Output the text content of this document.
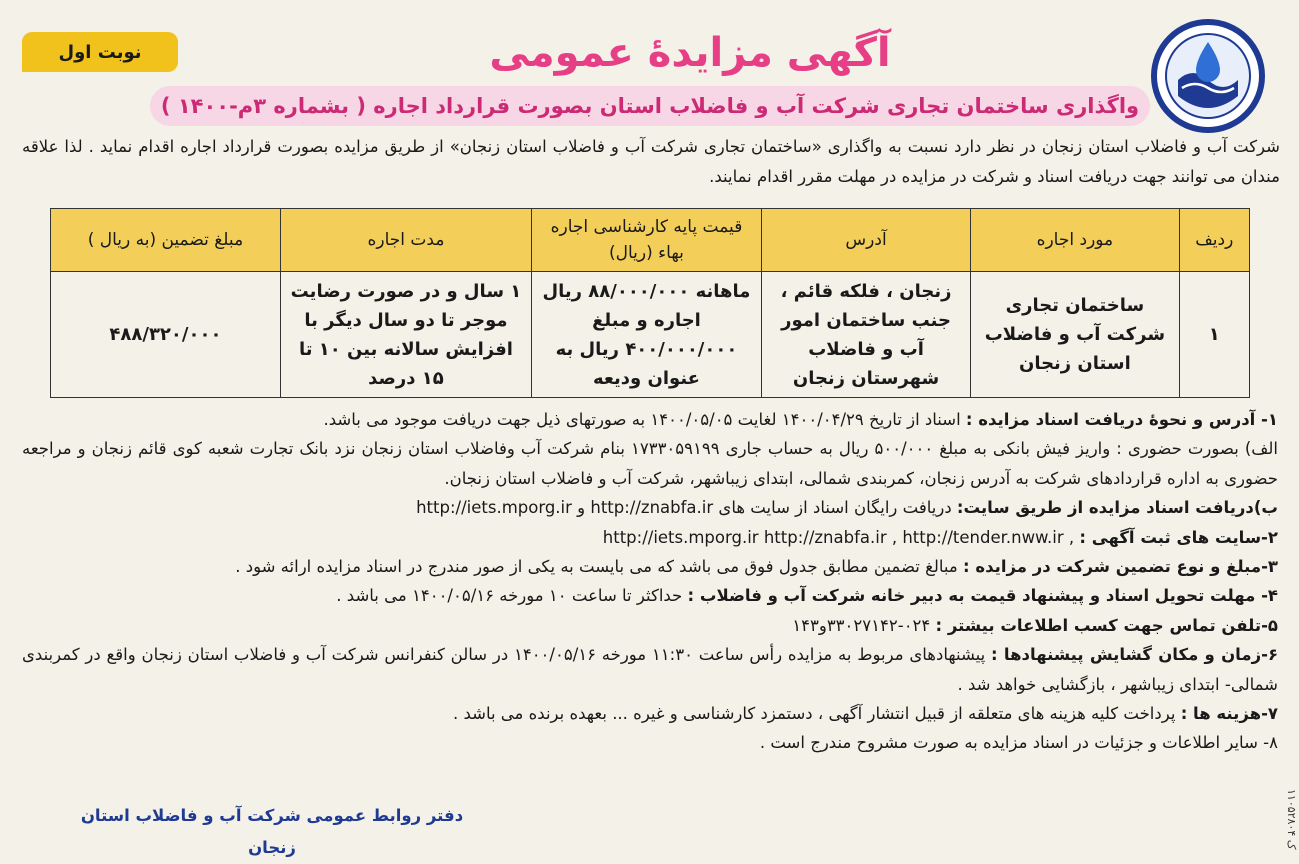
نوبت اول	آگهی مزایدۀ عمومی
واگذاری ساختمان تجاری شرکت آب و فاضلاب استان بصورت قرارداد اجاره ( بشماره ۳م-۱۴۰۰ )
شرکت آب و فاضلاب استان زنجان در نظر دارد نسبت به واگذاری «ساختمان تجاری شرکت آب و فاضلاب استان زنجان» از طریق مزایده بصورت قرارداد اجاره اقدام نماید . لذا علاقه مندان می توانند جهت دریافت اسناد و شرکت در مزایده در مهلت مقرر اقدام نمایند.
ردیف	مورد اجاره	آدرس	قیمت پایه کارشناسی اجاره بهاء (ریال)	مدت اجاره	مبلغ تضمین (به ریال )
۱	ساختمان تجاری شرکت آب و فاضلاب استان زنجان	زنجان ، فلکه قائم ، جنب ساختمان امور آب و فاضلاب شهرستان زنجان	ماهانه ۸۸/۰۰۰/۰۰۰ ریال اجاره و مبلغ ۴۰۰/۰۰۰/۰۰۰ ریال به عنوان ودیعه	۱ سال و در صورت رضایت موجر تا دو سال دیگر با افزایش سالانه بین ۱۰ تا ۱۵ درصد	۴۸۸/۳۲۰/۰۰۰

۱- آدرس و نحوۀ دریافت اسناد مزایده : اسناد از تاریخ ۱۴۰۰/۰۴/۲۹ لغایت ۱۴۰۰/۰۵/۰۵ به صورتهای ذیل جهت دریافت موجود می باشد.

الف) بصورت حضوری : واریز فیش بانکی به مبلغ ۵۰۰/۰۰۰ ریال به حساب جاری ۱۷۳۳۰۵۹۱۹۹ بنام شرکت آب وفاضلاب استان زنجان نزد بانک تجارت شعبه کوی قائم زنجان و مراجعه حضوری به اداره قراردادهای شرکت به آدرس زنجان، کمربندی شمالی، ابتدای زیباشهر، شرکت آب و فاضلاب استان زنجان.

ب)دریافت اسناد مزایده از طریق سایت: دریافت رایگان اسناد از سایت های http://iets.mporg.ir و http://znabfa.ir

۲-سایت های ثبت آگهی : http://iets.mporg.ir http://znabfa.ir , http://tender.nww.ir ,

۳-مبلغ و نوع تضمین شرکت در مزایده : مبالغ تضمین مطابق جدول فوق می باشد که می بایست به یکی از صور مندرج در اسناد مزایده ارائه شود .

۴- مهلت تحویل اسناد و پیشنهاد قیمت به دبیر خانه شرکت آب و فاضلاب : حداکثر تا ساعت ۱۰ مورخه ۱۴۰۰/۰۵/۱۶ می باشد .

۵-تلفن تماس جهت کسب اطلاعات بیشتر : ۰۲۴-۳۳۰۲۷۱۴۲و۱۴۳

۶-زمان و مکان گشایش پیشنهادها : پیشنهادهای مربوط به مزایده رأس ساعت ۱۱:۳۰ مورخه ۱۴۰۰/۰۵/۱۶ در سالن کنفرانس شرکت آب و فاضلاب استان زنجان واقع در کمربندی شمالی- ابتدای زیباشهر ، بازگشایی خواهد شد .

۷-هزینه ها : پرداخت کلیه هزینه های متعلقه از قبیل انتشار آگهی ، دستمزد کارشناسی و غیره ... بعهده برنده می باشد .

۸- سایر اطلاعات و جزئیات در اسناد مزایده به صورت مشروح مندرج است .

دفتر روابط عمومی شرکت آب و فاضلاب استان زنجان
ک ۱۱۰۵۲۸۰۴
